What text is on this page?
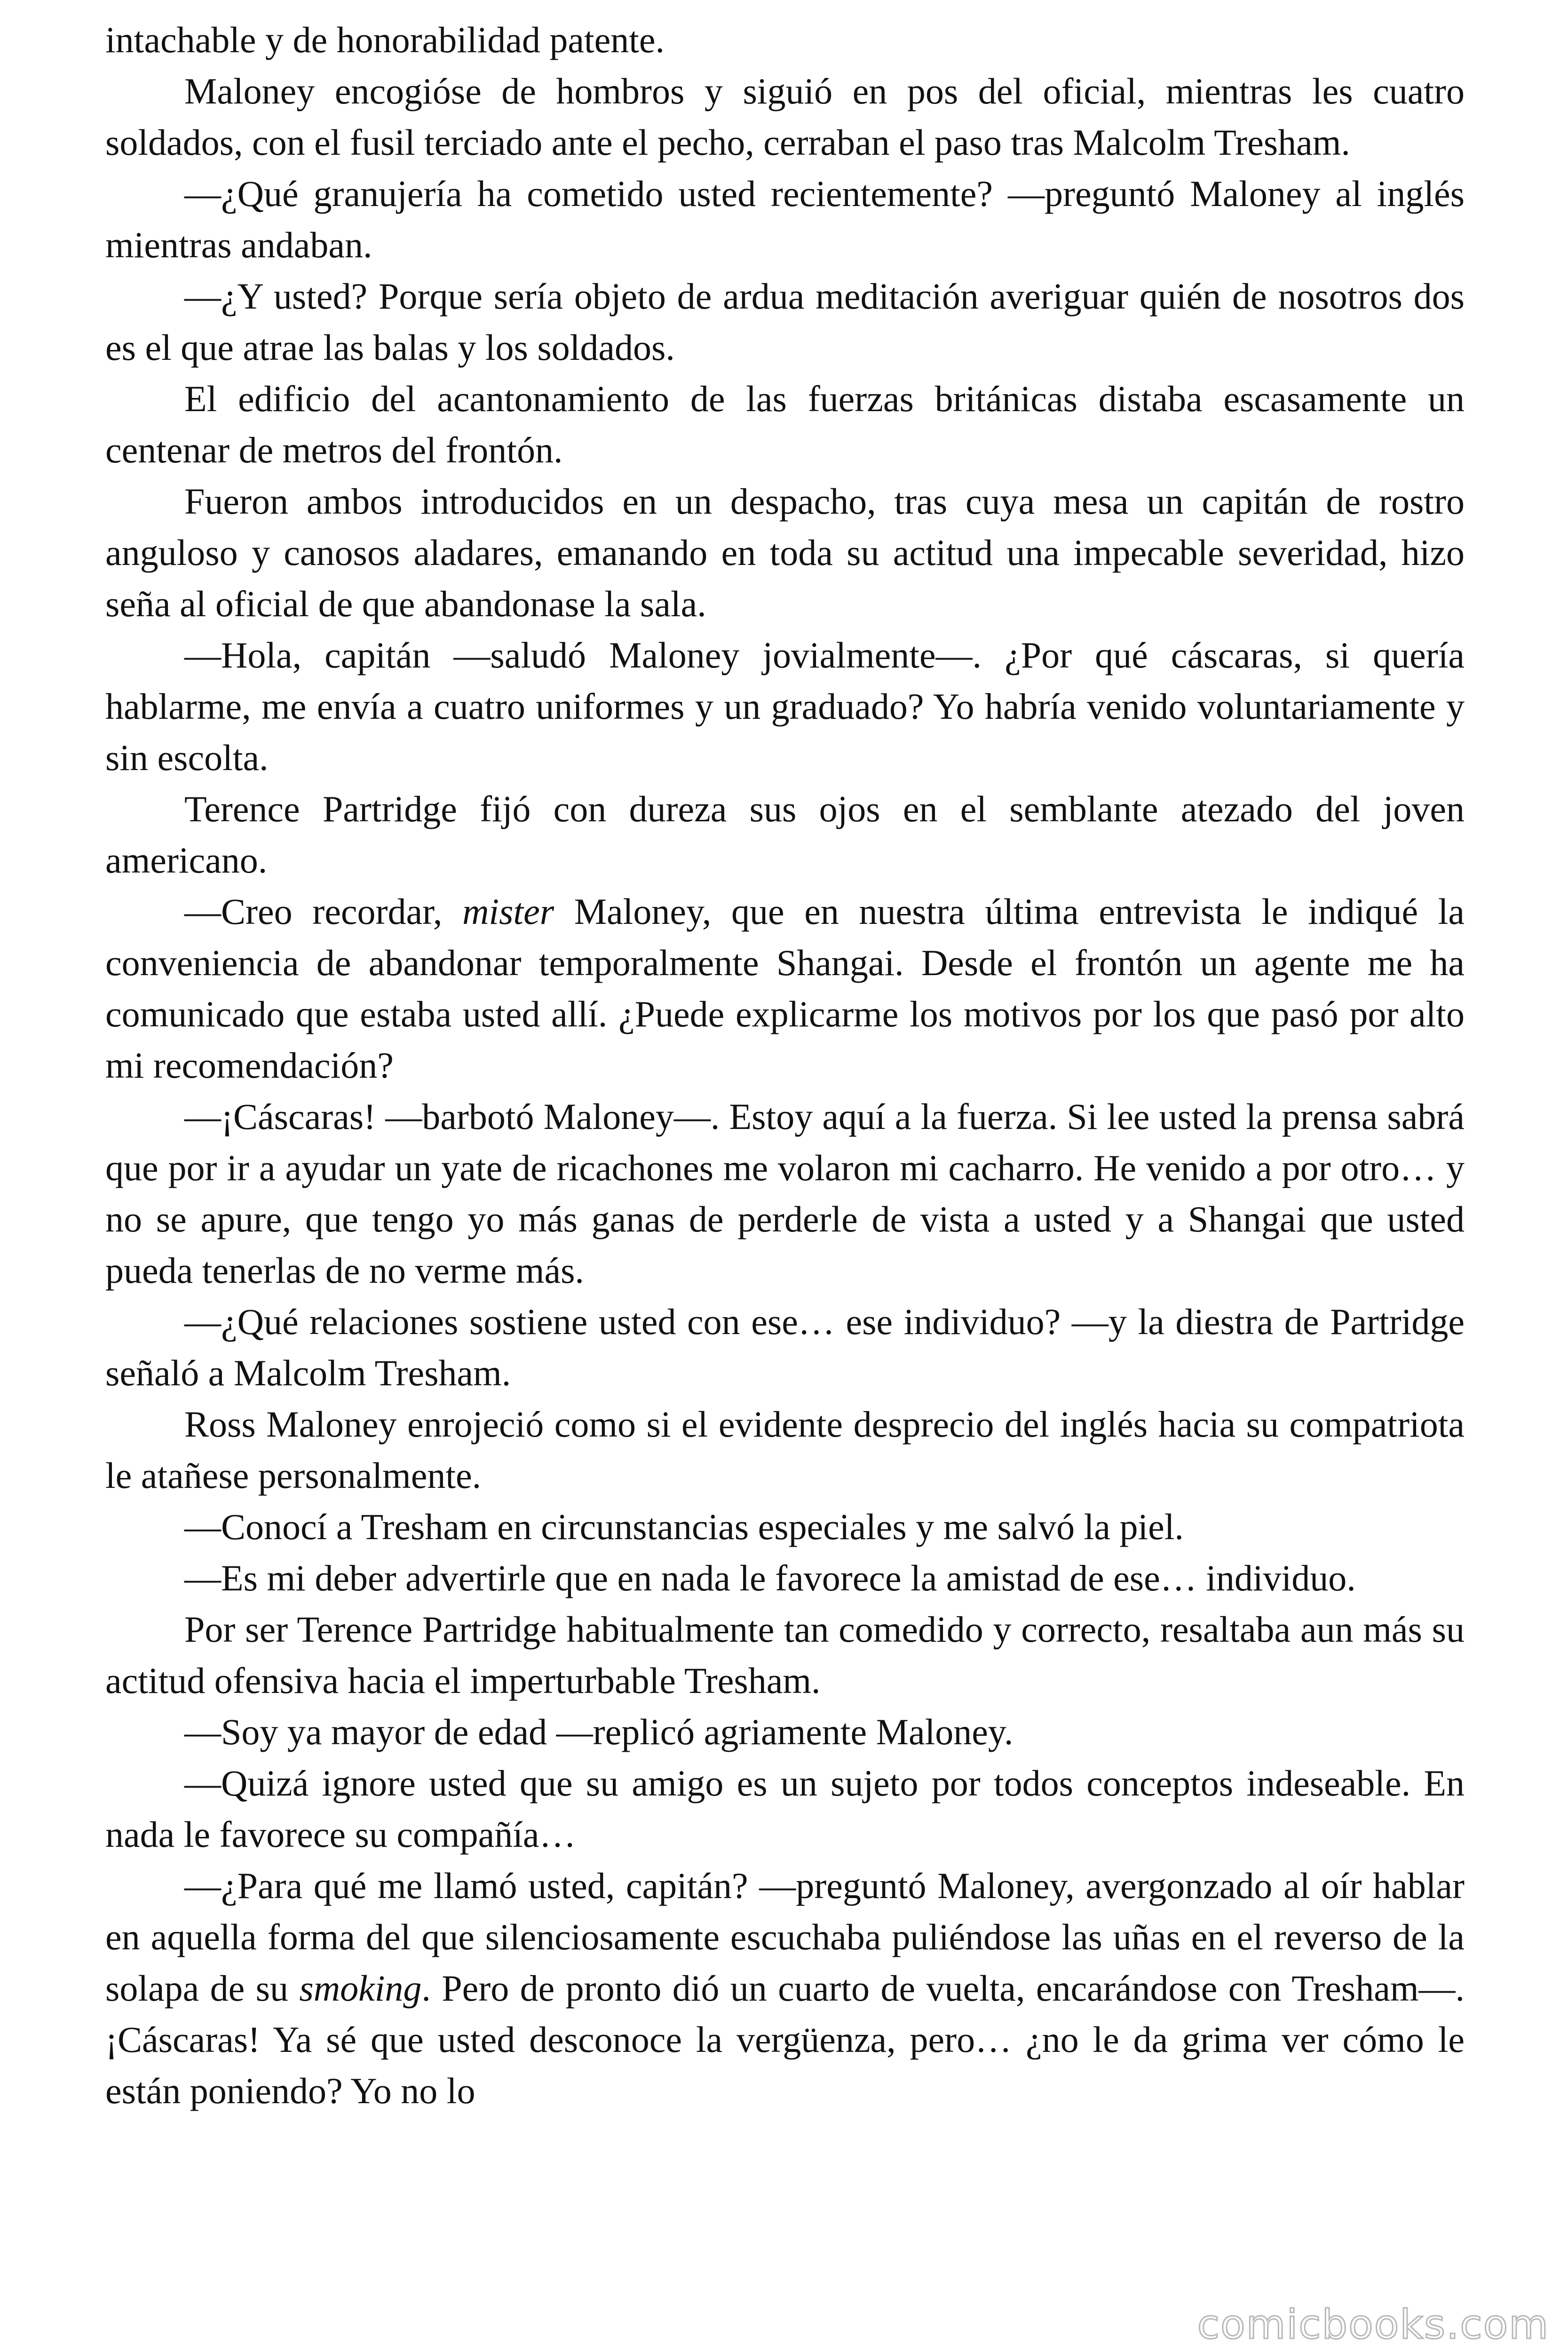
intachable y de honorabilidad patente.

Maloney encogióse de hombros y siguió en pos del oficial, mientras les cuatro soldados, con el fusil terciado ante el pecho, cerraban el paso tras Malcolm Tresham.

—¿Qué granujería ha cometido usted recientemente? —preguntó Maloney al inglés mientras andaban.

—¿Y usted? Porque sería objeto de ardua meditación averiguar quién de nosotros dos es el que atrae las balas y los soldados.

El edificio del acantonamiento de las fuerzas británicas distaba escasamente un centenar de metros del frontón.

Fueron ambos introducidos en un despacho, tras cuya mesa un capitán de rostro anguloso y canosos aladares, emanando en toda su actitud una impecable severidad, hizo seña al oficial de que abandonase la sala.

—Hola, capitán —saludó Maloney jovialmente—. ¿Por qué cáscaras, si quería hablarme, me envía a cuatro uniformes y un graduado? Yo habría venido voluntariamente y sin escolta.

Terence Partridge fijó con dureza sus ojos en el semblante atezado del joven americano.

—Creo recordar, mister Maloney, que en nuestra última entrevista le indiqué la conveniencia de abandonar temporalmente Shangai. Desde el frontón un agente me ha comunicado que estaba usted allí. ¿Puede explicarme los motivos por los que pasó por alto mi recomendación?

—¡Cáscaras! —barbotó Maloney—. Estoy aquí a la fuerza. Si lee usted la prensa sabrá que por ir a ayudar un yate de ricachones me volaron mi cacharro. He venido a por otro… y no se apure, que tengo yo más ganas de perderle de vista a usted y a Shangai que usted pueda tenerlas de no verme más.

—¿Qué relaciones sostiene usted con ese… ese individuo? —y la diestra de Partridge señaló a Malcolm Tresham.

Ross Maloney enrojeció como si el evidente desprecio del inglés hacia su compatriota le atañese personalmente.

—Conocí a Tresham en circunstancias especiales y me salvó la piel.

—Es mi deber advertirle que en nada le favorece la amistad de ese… individuo.

Por ser Terence Partridge habitualmente tan comedido y correcto, resaltaba aun más su actitud ofensiva hacia el imperturbable Tresham.

—Soy ya mayor de edad —replicó agriamente Maloney.

—Quizá ignore usted que su amigo es un sujeto por todos conceptos indeseable. En nada le favorece su compañía…

—¿Para qué me llamó usted, capitán? —preguntó Maloney, avergonzado al oír hablar en aquella forma del que silenciosamente escuchaba puliéndose las uñas en el reverso de la solapa de su smoking. Pero de pronto dió un cuarto de vuelta, encarándose con Tresham—. ¡Cáscaras! Ya sé que usted desconoce la vergüenza, pero… ¿no le da grima ver cómo le están poniendo? Yo no lo

comicbooks.com
